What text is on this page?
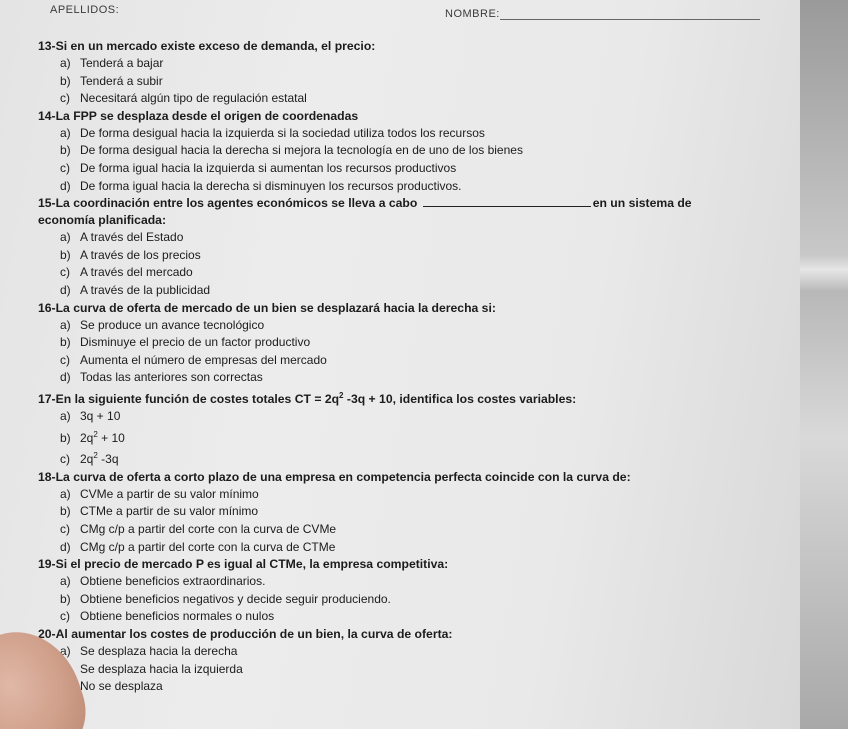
APELLIDOS:	NOMBRE:

13-Si en un mercado existe exceso de demanda, el precio:

a) Tenderá a bajar

b) Tenderá a subir

c) Necesitará algún tipo de regulación estatal

14-La FPP se desplaza desde el origen de coordenadas

a) De forma desigual hacia la izquierda si la sociedad utiliza todos los recursos

b) De forma desigual hacia la derecha si mejora la tecnología en de uno de los bienes

c) De forma igual hacia la izquierda si aumentan los recursos productivos

d) De forma igual hacia la derecha si disminuyen los recursos productivos.

15-La coordinación entre los agentes económicos se lleva a cabo	en un sistema de

economía planificada:

a) A través del Estado

b) A través de los precios

c) A través del mercado

d) A través de la publicidad

16-La curva de oferta de mercado de un bien se desplazará hacia la derecha si:

a) Se produce un avance tecnológico

b) Disminuye el precio de un factor productivo

c) Aumenta el número de empresas del mercado

d) Todas las anteriores son correctas

17-En la siguiente función de costes totales CT = $2q^2$ -3q + 10, identifica los costes variables:

a) 3q + 10

b) $2q^2 + 10$

c) $2q^2$ -3q

18-La curva de oferta a corto plazo de una empresa en competencia perfecta coincide con la curva de:

a) CVMe a partir de su valor mínimo

b) CTMe a partir de su valor mínimo

c) CMg c/p a partir del corte con la curva de CVMe

d) CMg c/p a partir del corte con la curva de CTMe

19-Si el precio de mercado P es igual al CTMe, la empresa competitiva:

a) Obtiene beneficios extraordinarios.

b) Obtiene beneficios negativos y decide seguir produciendo.

c) Obtiene beneficios normales o nulos

20-Al aumentar los costes de producción de un bien, la curva de oferta:

a) Se desplaza hacia la derecha

Se desplaza hacia la izquierda

No se desplaza
